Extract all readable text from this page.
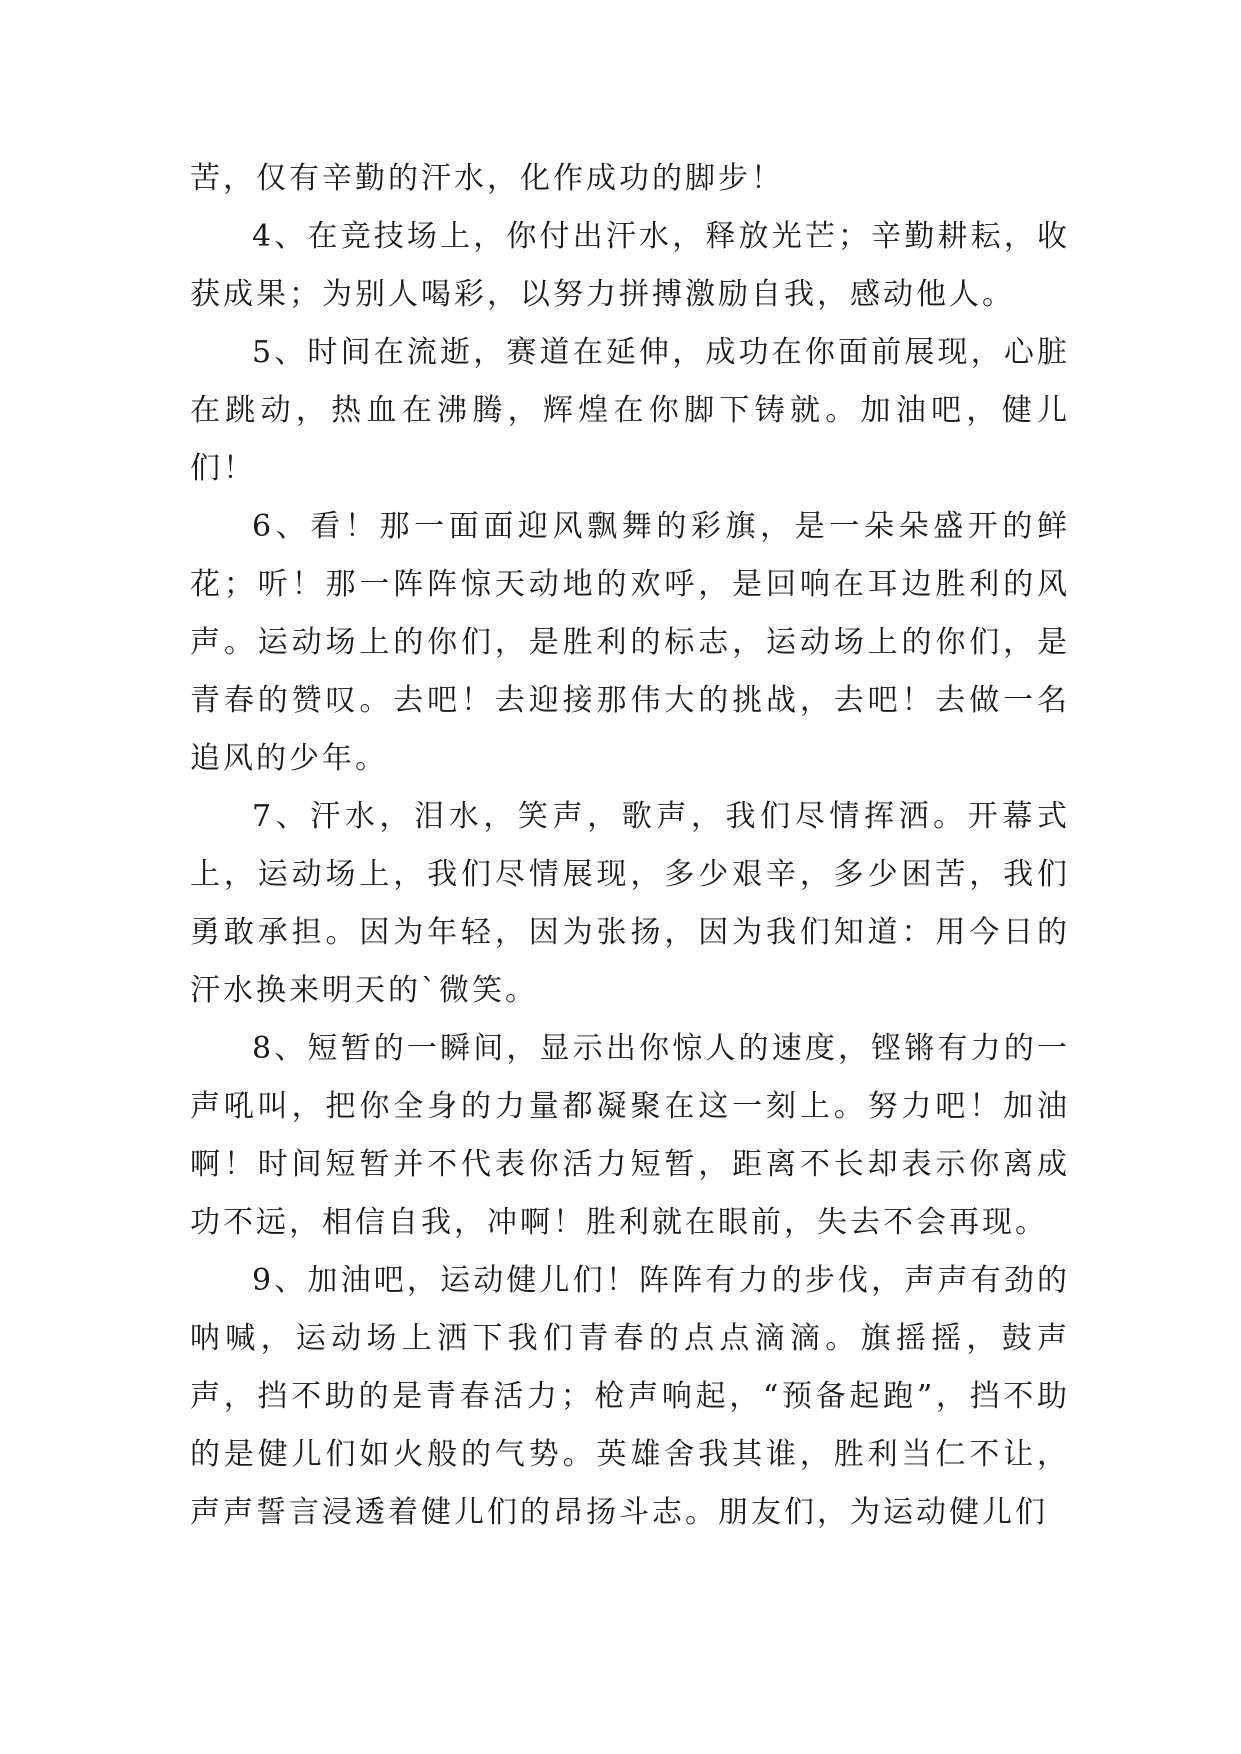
苦，仅有辛勤的汗水，化作成功的脚步！

4、在竞技场上，你付出汗水，释放光芒；辛勤耕耘，收获成果；为别人喝彩，以努力拼搏激励自我，感动他人。

5、时间在流逝，赛道在延伸，成功在你面前展现，心脏在跳动，热血在沸腾，辉煌在你脚下铸就。加油吧，健儿们！

6、看！那一面面迎风飘舞的彩旗，是一朵朵盛开的鲜花；听！那一阵阵惊天动地的欢呼，是回响在耳边胜利的风声。运动场上的你们，是胜利的标志，运动场上的你们，是青春的赞叹。去吧！去迎接那伟大的挑战，去吧！去做一名追风的少年。

7、汗水，泪水，笑声，歌声，我们尽情挥洒。开幕式上，运动场上，我们尽情展现，多少艰辛，多少困苦，我们勇敢承担。因为年轻，因为张扬，因为我们知道：用今日的汗水换来明天的`微笑。

8、短暂的一瞬间，显示出你惊人的速度，铿锵有力的一声吼叫，把你全身的力量都凝聚在这一刻上。努力吧！加油啊！时间短暂并不代表你活力短暂，距离不长却表示你离成功不远，相信自我，冲啊！胜利就在眼前，失去不会再现。

9、加油吧，运动健儿们！阵阵有力的步伐，声声有劲的呐喊，运动场上洒下我们青春的点点滴滴。旗摇摇，鼓声声，挡不助的是青春活力；枪声响起，“预备起跑”，挡不助的是健儿们如火般的气势。英雄舍我其谁，胜利当仁不让，声声誓言浸透着健儿们的昂扬斗志。朋友们，为运动健儿们
